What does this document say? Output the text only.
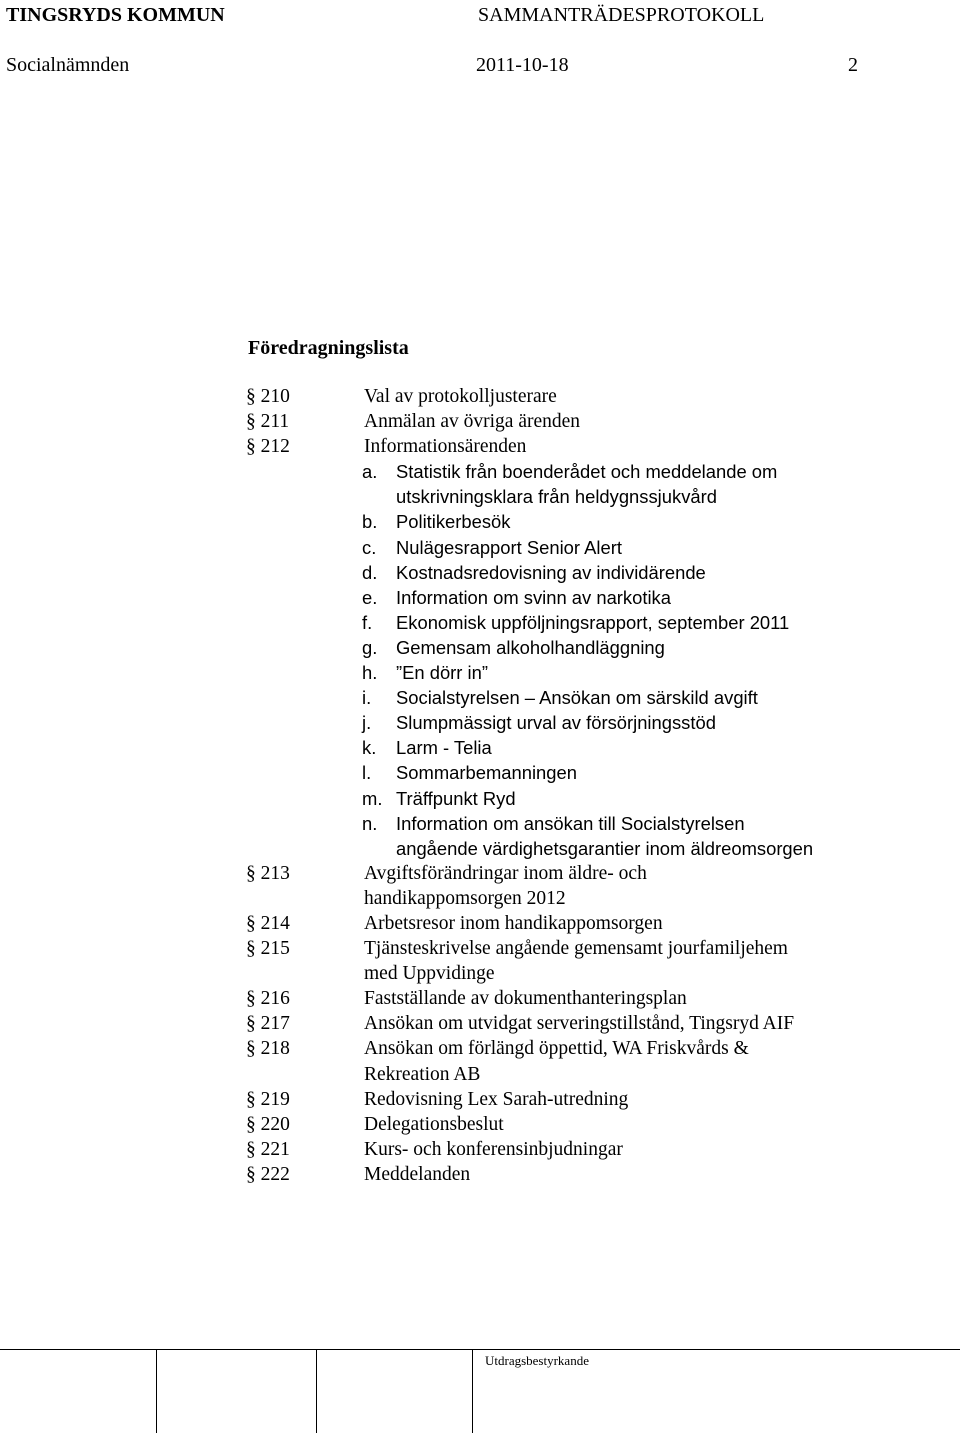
TINGSRYDS KOMMUN	SAMMANTRÄDESPROTOKOLL
Socialnämnden	2011-10-18	2
Föredragningslista
§ 210	Val av protokolljusterare
§ 211	Anmälan av övriga ärenden
§ 212	Informationsärenden
a.	Statistik från boenderådet och meddelande om
utskrivningsklara från heldygnssjukvård
b.	Politikerbesök
c.	Nulägesrapport Senior Alert
d.	Kostnadsredovisning av individärende
e.	Information om svinn av narkotika
f.	Ekonomisk uppföljningsrapport, september 2011
g.	Gemensam alkoholhandläggning
h.	”En dörr in”
i.	Socialstyrelsen – Ansökan om särskild avgift
j.	Slumpmässigt urval av försörjningsstöd
k.	Larm - Telia
l.	Sommarbemanningen
m. Träffpunkt Ryd
n.	Information om ansökan till Socialstyrelsen
angående värdighetsgarantier inom äldreomsorgen
§ 213	Avgiftsförändringar inom äldre- och
handikappomsorgen 2012
§ 214	Arbetsresor inom handikappomsorgen
§ 215	Tjänsteskrivelse angående gemensamt jourfamiljehem
med Uppvidinge
§ 216	Fastställande av dokumenthanteringsplan
§ 217	Ansökan om utvidgat serveringstillstånd, Tingsryd AIF
§ 218	Ansökan om förlängd öppettid, WA Friskvårds &
Rekreation AB
§ 219	Redovisning Lex Sarah-utredning
§ 220	Delegationsbeslut
§ 221	Kurs- och konferensinbjudningar
§ 222	Meddelanden
Utdragsbestyrkande
